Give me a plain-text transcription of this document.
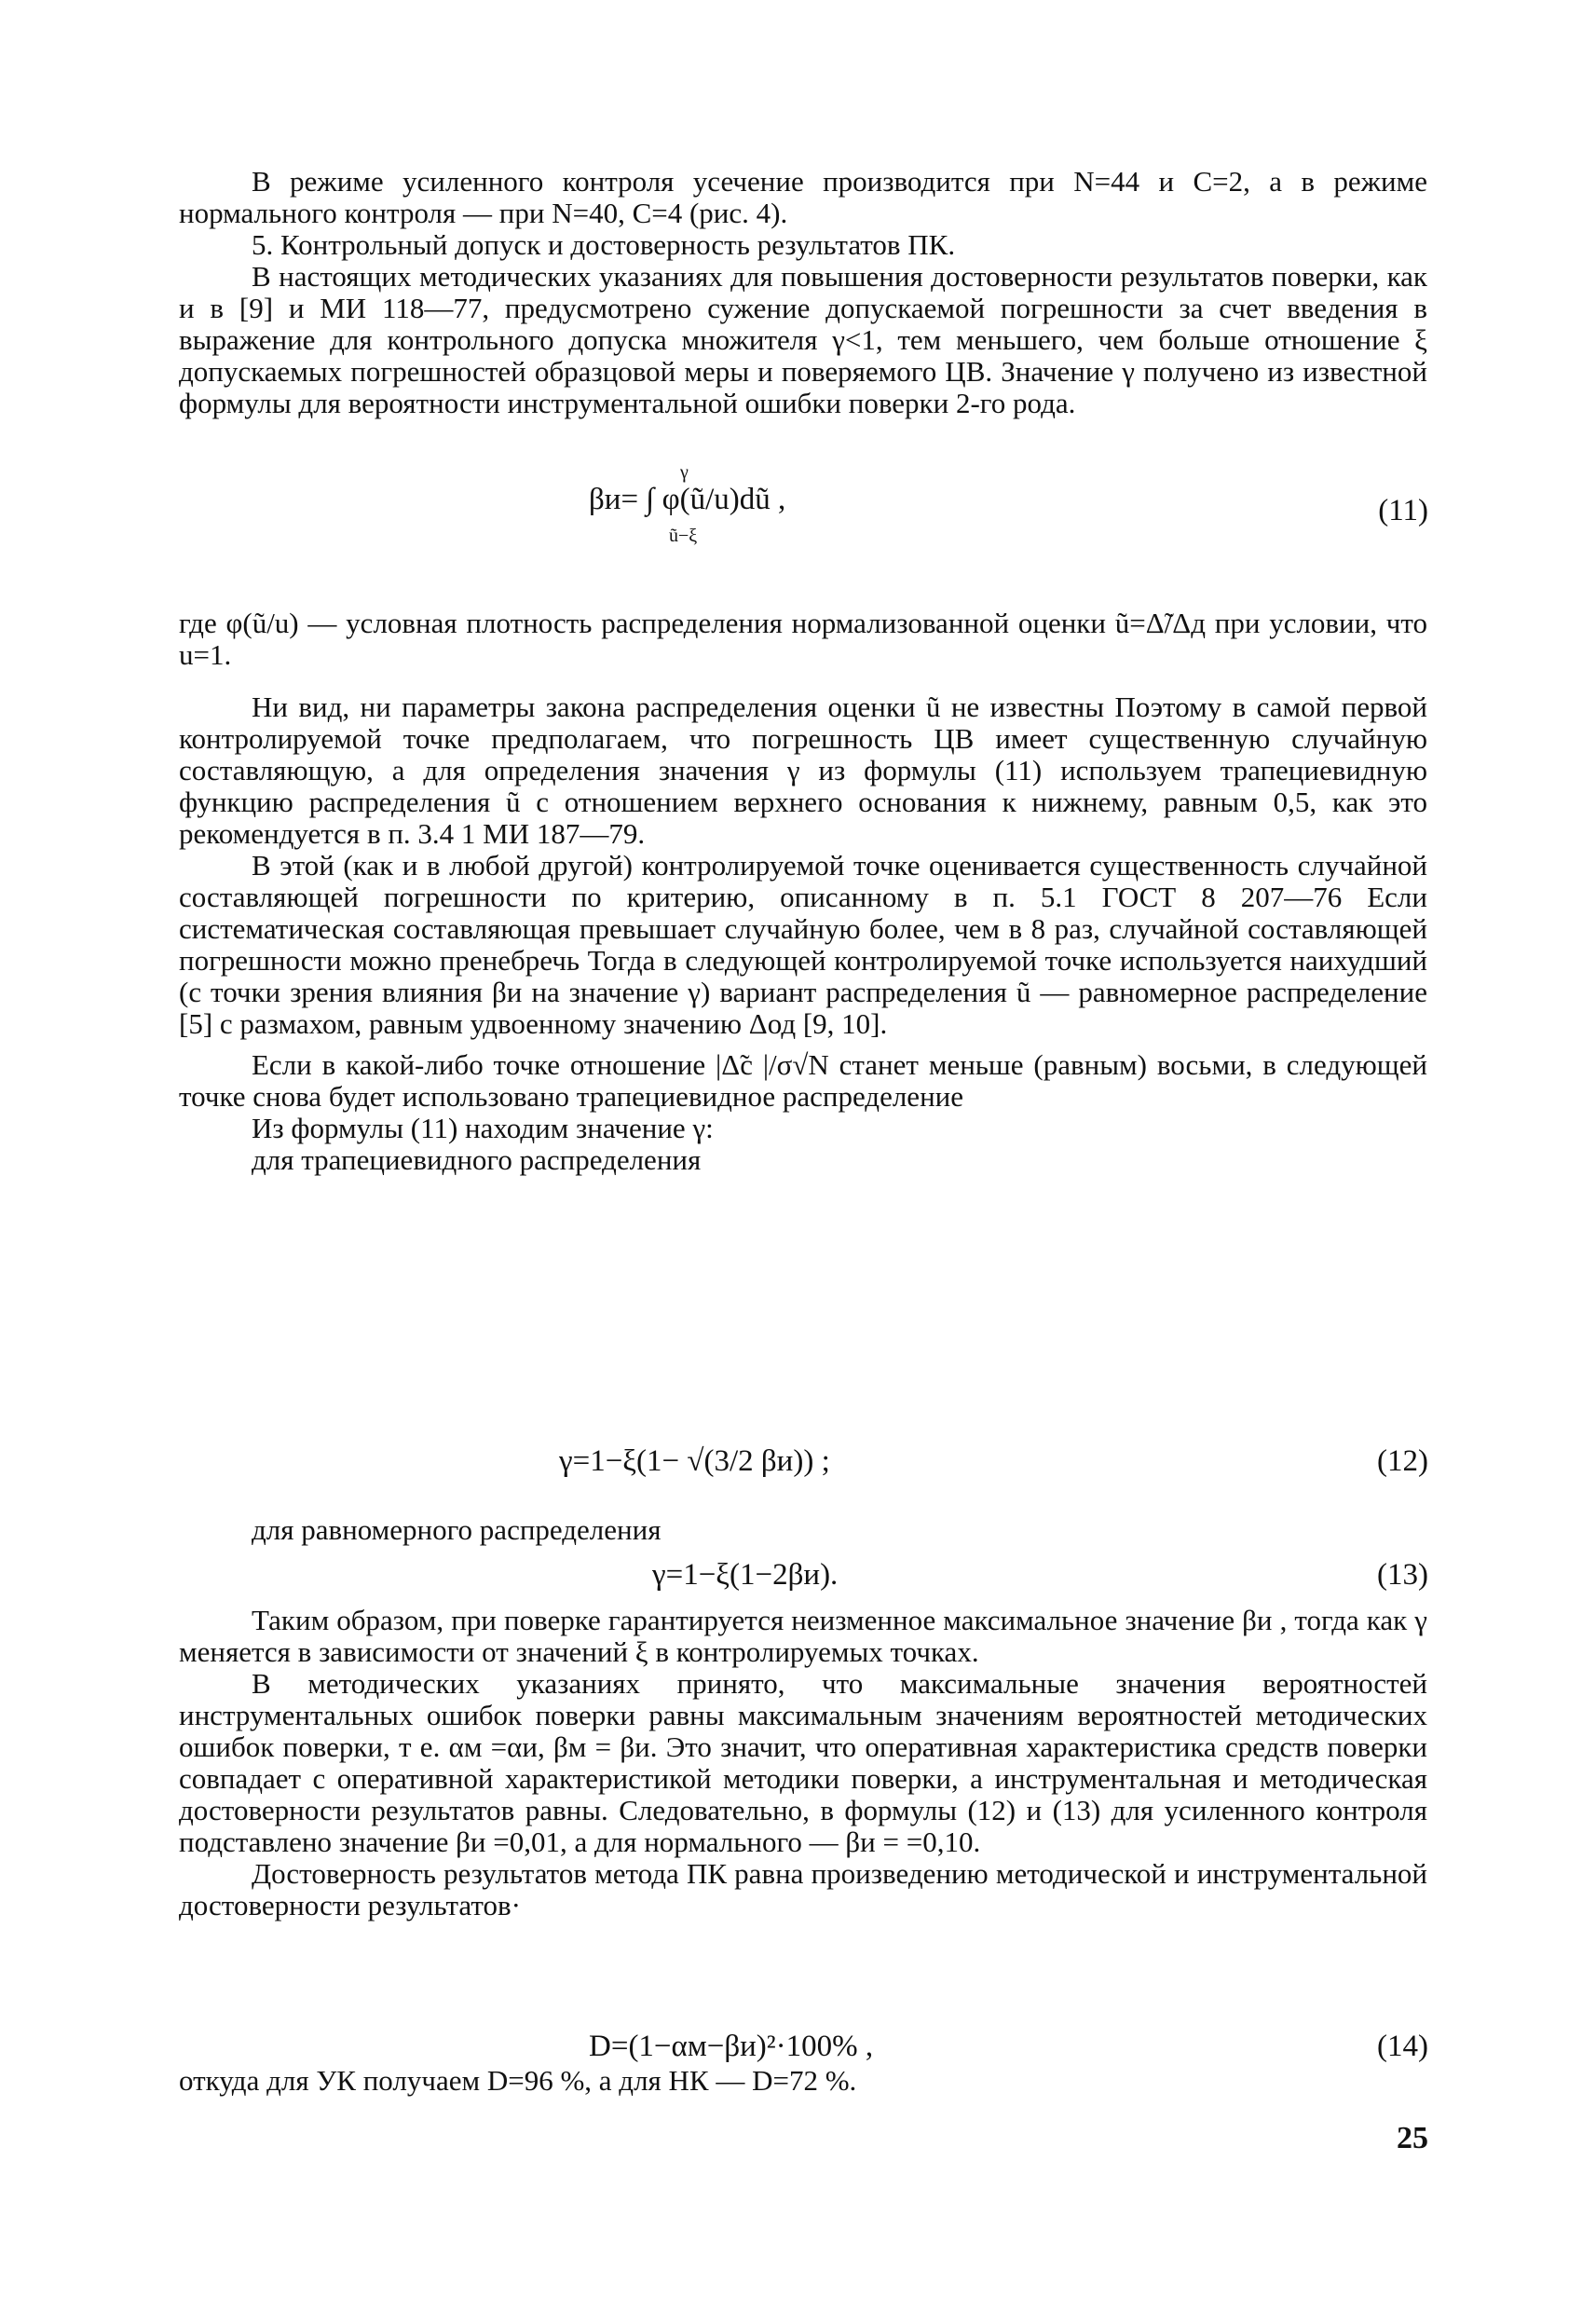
В режиме усиленного контроля усечение производится при N=44 и C=2, а в режиме нормального контроля — при N=40, C=4 (рис. 4).

5. Контрольный допуск и достоверность результатов ПК.

В настоящих методических указаниях для повышения достоверности результатов поверки, как и в [9] и МИ 118—77, предусмотрено сужение допускаемой погрешности за счет введения в выражение для контрольного допуска множителя γ<1, тем меньшего, чем больше отношение ξ допускаемых погрешностей образцовой меры и поверяемого ЦВ. Значение γ получено из известной формулы для вероятности инструментальной ошибки поверки 2-го рода.

γ
βи= ∫ φ(ũ/u)dũ ,
ũ−ξ
(11)

где φ(ũ/u) — условная плотность распределения нормализованной оценки ũ=Δ̃/Δд при условии, что u=1.

Ни вид, ни параметры закона распределения оценки ũ не известны Поэтому в самой первой контролируемой точке предполагаем, что погрешность ЦВ имеет существенную случайную составляющую, а для определения значения γ из формулы (11) используем трапециевидную функцию распределения ũ с отношением верхнего основания к нижнему, равным 0,5, как это рекомендуется в п. 3.4 1 МИ 187—79.

В этой (как и в любой другой) контролируемой точке оценивается существенность случайной составляющей погрешности по критерию, описанному в п. 5.1 ГОСТ 8 207—76 Если систематическая составляющая превышает случайную более, чем в 8 раз, случайной составляющей погрешности можно пренебречь Тогда в следующей контролируемой точке используется наихудший (с точки зрения влияния βи на значение γ) вариант распределения ũ — равномерное распределение [5] с размахом, равным удвоенному значению Δод [9, 10].

Если в какой-либо точке отношение |Δ̃c |/σ√N станет меньше (равным) восьми, в следующей точке снова будет использовано трапециевидное распределение

Из формулы (11) находим значение γ:

для трапециевидного распределения

γ=1−ξ(1− √(3/2 βи)) ;	(12)

для равномерного распределения

γ=1−ξ(1−2βи).	(13)

Таким образом, при поверке гарантируется неизменное максимальное значение βи , тогда как γ меняется в зависимости от значений ξ в контролируемых точках.

В методических указаниях принято, что максимальные значения вероятностей инструментальных ошибок поверки равны максимальным значениям вероятностей методических ошибок поверки, т е. αм =αи, βм = βи. Это значит, что оперативная характеристика средств поверки совпадает с оперативной характеристикой методики поверки, а инструментальная и методическая достоверности результатов равны. Следовательно, в формулы (12) и (13) для усиленного контроля подставлено значение βи =0,01, а для нормального — βи = =0,10.

Достоверность результатов метода ПК равна произведению методической и инструментальной достоверности результатов·

D=(1−αм−βи)²·100% ,	(14)

откуда для УК получаем D=96 %, а для НК — D=72 %.

25
